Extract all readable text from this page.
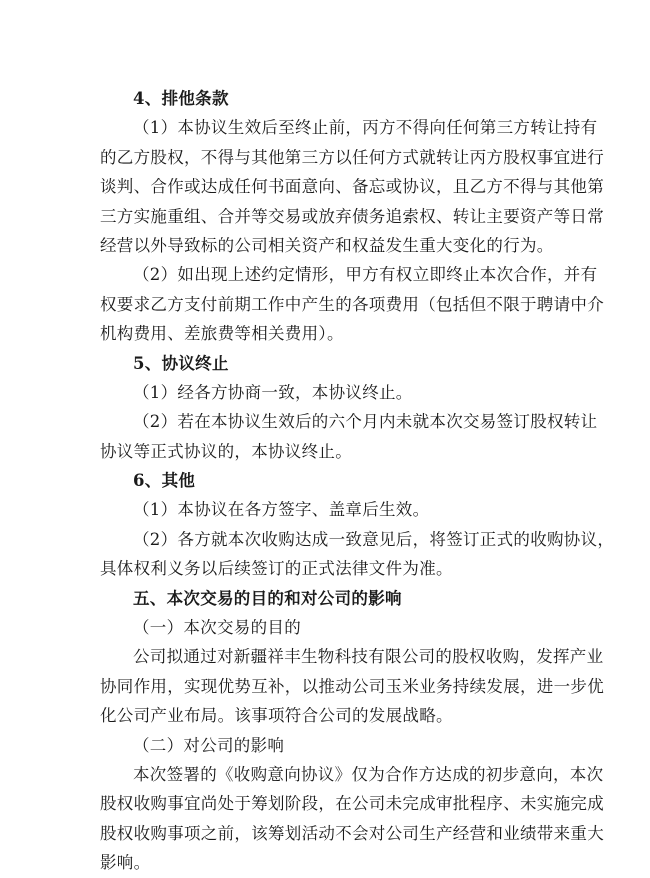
4、排他条款
（1）本协议生效后至终止前，丙方不得向任何第三方转让持有
的乙方股权，不得与其他第三方以任何方式就转让丙方股权事宜进行
谈判、合作或达成任何书面意向、备忘或协议，且乙方不得与其他第
三方实施重组、合并等交易或放弃债务追索权、转让主要资产等日常
经营以外导致标的公司相关资产和权益发生重大变化的行为。
（2）如出现上述约定情形，甲方有权立即终止本次合作，并有
权要求乙方支付前期工作中产生的各项费用（包括但不限于聘请中介
机构费用、差旅费等相关费用）。
5、协议终止
（1）经各方协商一致，本协议终止。
（2）若在本协议生效后的六个月内未就本次交易签订股权转让
协议等正式协议的，本协议终止。
6、其他
（1）本协议在各方签字、盖章后生效。
（2）各方就本次收购达成一致意见后，将签订正式的收购协议，
具体权利义务以后续签订的正式法律文件为准。
五、本次交易的目的和对公司的影响
（一）本次交易的目的
公司拟通过对新疆祥丰生物科技有限公司的股权收购，发挥产业
协同作用，实现优势互补，以推动公司玉米业务持续发展，进一步优
化公司产业布局。该事项符合公司的发展战略。
（二）对公司的影响
本次签署的《收购意向协议》仅为合作方达成的初步意向，本次
股权收购事宜尚处于筹划阶段，在公司未完成审批程序、未实施完成
股权收购事项之前，该筹划活动不会对公司生产经营和业绩带来重大
影响。
